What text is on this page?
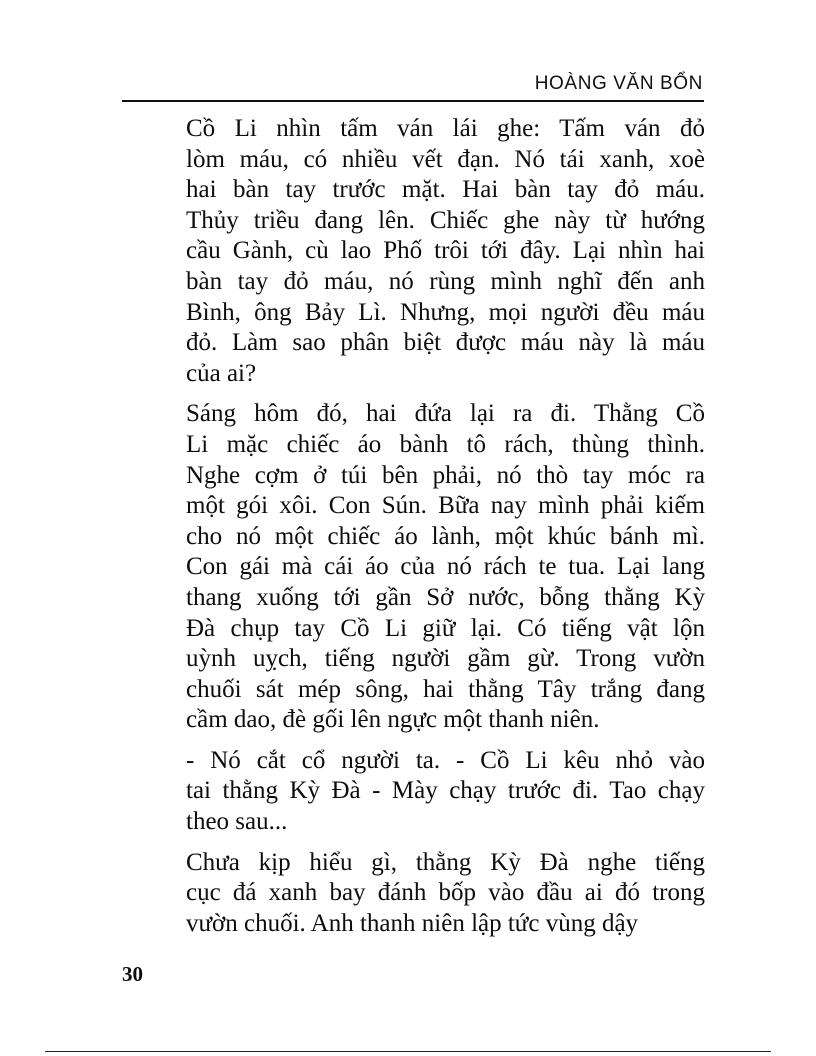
HOÀNG VĂN BỔN

Cồ Li nhìn tấm ván lái ghe: Tấm ván đỏ
lòm máu, có nhiều vết đạn. Nó tái xanh, xoè
hai bàn tay trước mặt. Hai bàn tay đỏ máu.
Thủy triều đang lên. Chiếc ghe này từ hướng
cầu Gành, cù lao Phố trôi tới đây. Lại nhìn hai
bàn tay đỏ máu, nó rùng mình nghĩ đến anh
Bình, ông Bảy Lì. Nhưng, mọi người đều máu
đỏ. Làm sao phân biệt được máu này là máu
của ai?

Sáng hôm đó, hai đứa lại ra đi. Thằng Cồ
Li mặc chiếc áo bành tô rách, thùng thình.
Nghe cợm ở túi bên phải, nó thò tay móc ra
một gói xôi. Con Sún. Bữa nay mình phải kiếm
cho nó một chiếc áo lành, một khúc bánh mì.
Con gái mà cái áo của nó rách te tua. Lại lang
thang xuống tới gần Sở nước, bỗng thằng Kỳ
Đà chụp tay Cồ Li giữ lại. Có tiếng vật lộn
uỳnh uỵch, tiếng người gầm gừ. Trong vườn
chuối sát mép sông, hai thằng Tây trắng đang
cầm dao, đè gối lên ngực một thanh niên.

- Nó cắt cổ người ta. - Cồ Li kêu nhỏ vào
tai thằng Kỳ Đà - Mày chạy trước đi. Tao chạy
theo sau...

Chưa kịp hiểu gì, thằng Kỳ Đà nghe tiếng
cục đá xanh bay đánh bốp vào đầu ai đó trong
vườn chuối. Anh thanh niên lập tức vùng dậy

30
